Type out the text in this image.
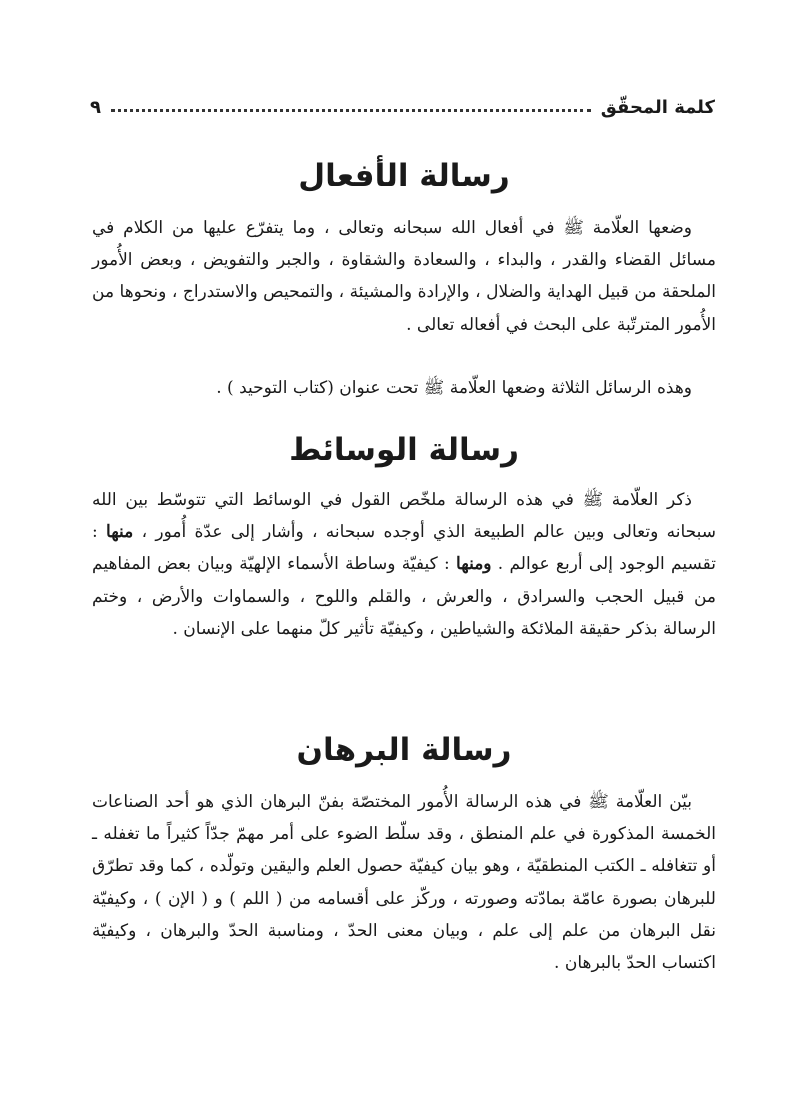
كلمة المحقّق
٩
رسالة الأفعال

وضعها العلّامة ﷺ في أفعال الله سبحانه وتعالى ، وما يتفرّع عليها من الكلام في مسائل القضاء والقدر ، والبداء ، والسعادة والشقاوة ، والجبر والتفويض ، وبعض الأُمور الملحقة من قبيل الهداية والضلال ، والإرادة والمشيئة ، والتمحيص والاستدراج ، ونحوها من الأُمور المترتّبة على البحث في أفعاله تعالى .

وهذه الرسائل الثلاثة وضعها العلّامة ﷺ تحت عنوان (كتاب التوحيد ) .

رسالة الوسائط

ذكر العلّامة ﷺ في هذه الرسالة ملخّص القول في الوسائط التي تتوسّط بين الله سبحانه وتعالى وبين عالم الطبيعة الذي أوجده سبحانه ، وأشار إلى عدّة أُمور ، منها : تقسيم الوجود إلى أربع عوالم . ومنها : كيفيّة وساطة الأسماء الإلهيّة وبيان بعض المفاهيم من قبيل الحجب والسرادق ، والعرش ، والقلم واللوح ، والسماوات والأرض ، وختم الرسالة بذكر حقيقة الملائكة والشياطين ، وكيفيّة تأثير كلّ منهما على الإنسان .

رسالة البرهان

بيّن العلّامة ﷺ في هذه الرسالة الأُمور المختصّة بفنّ البرهان الذي هو أحد الصناعات الخمسة المذكورة في علم المنطق ، وقد سلّط الضوء على أمر مهمّ جدّاً كثيراً ما تغفله ـ أو تتغافله ـ الكتب المنطقيّة ، وهو بيان كيفيّة حصول العلم واليقين وتولّده ، كما وقد تطرّق للبرهان بصورة عامّة بمادّته وصورته ، وركّز على أقسامه من ( اللم ) و ( الإن ) ، وكيفيّة نقل البرهان من علم إلى علم ، وبيان معنى الحدّ ، ومناسبة الحدّ والبرهان ، وكيفيّة اكتساب الحدّ بالبرهان .
